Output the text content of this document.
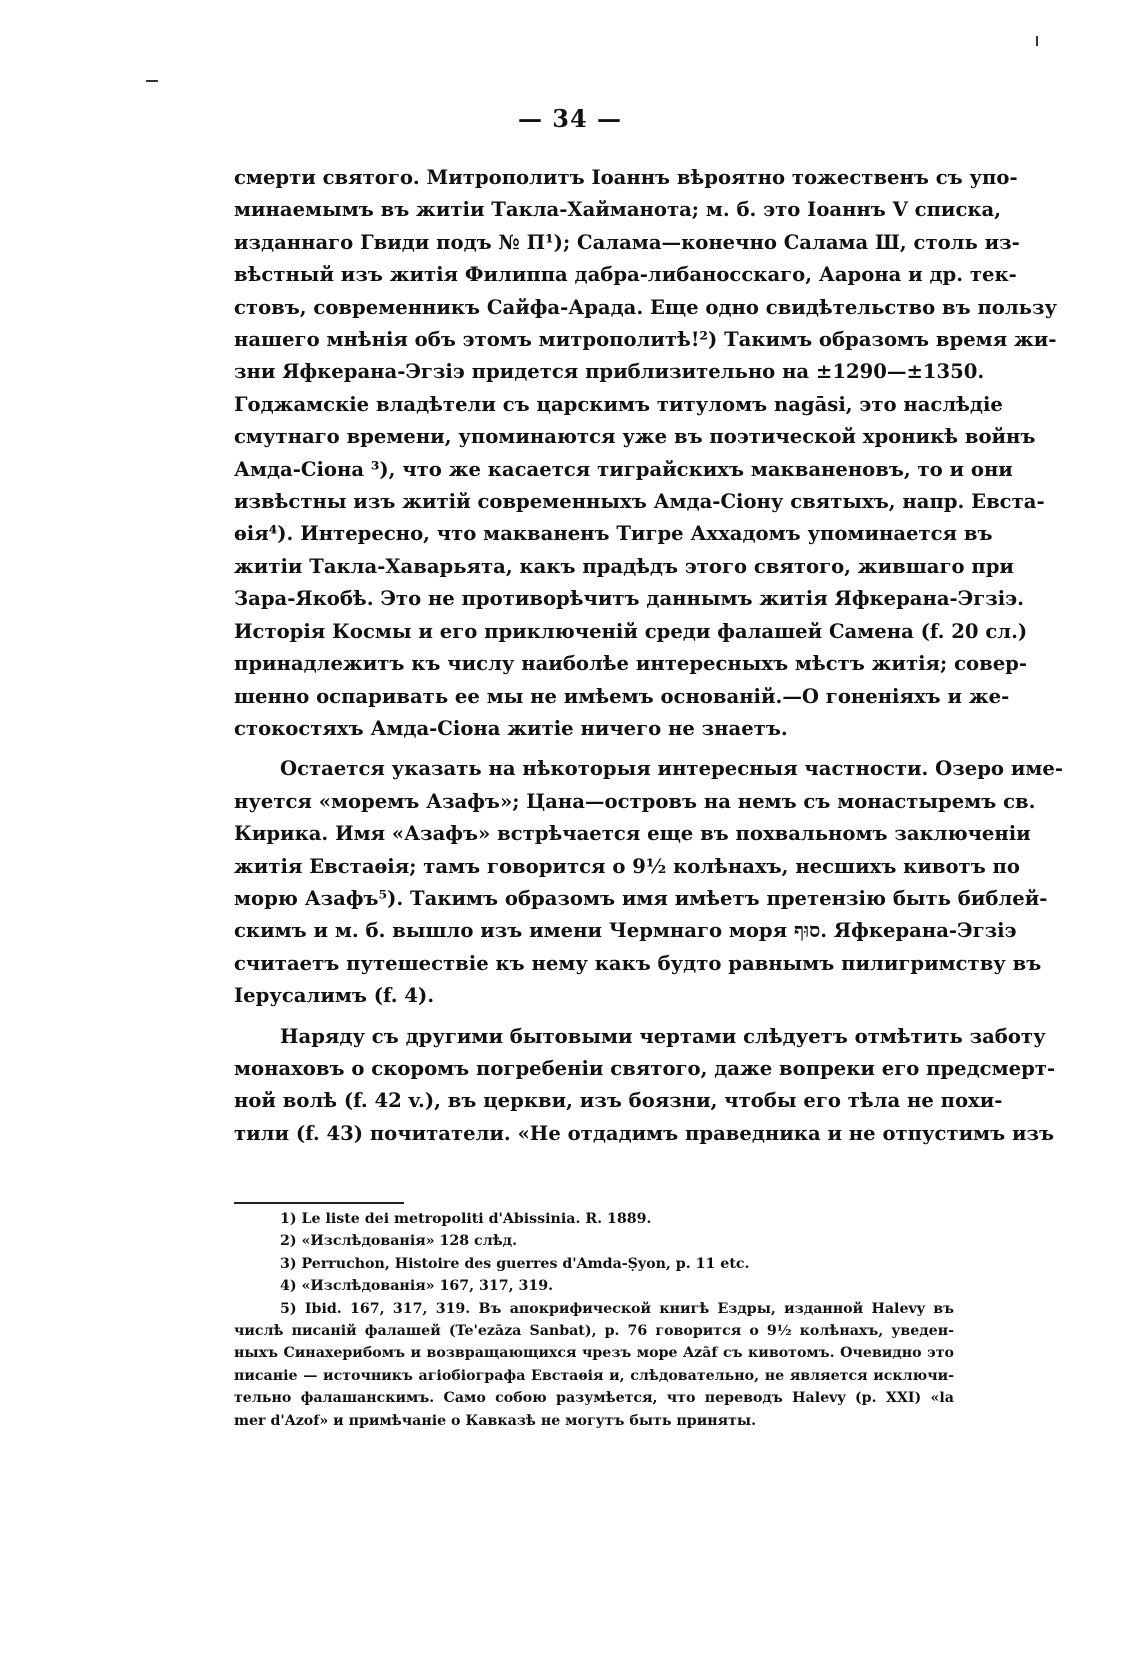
— 34 —
смерти святого. Митрополитъ Іоаннъ вѣроятно тожественъ съ упо-
минаемымъ въ житіи Такла-Хайманота; м. б. это Іоаннъ V списка,
изданнаго Гвиди подъ № П¹); Салама—конечно Салама Ш, столь из-
вѣстный изъ житія Филиппа дабра-либаносскаго, Аарона и др. тек-
стовъ, современникъ Сайфа-Арада. Еще одно свидѣтельство въ пользу
нашего мнѣнія объ этомъ митрополитѣ!²) Такимъ образомъ время жи-
зни Яфкерана-Эгзіэ придется приблизительно на ±1290—±1350.
Годжамскіе владѣтели съ царскимъ титуломъ nagāsi, это наслѣдіе
смутнаго времени, упоминаются уже въ поэтической хроникѣ войнъ
Амда-Сіона ³), что же касается тиграйскихъ макваненовъ, то и они
извѣстны изъ житій современныхъ Амда-Сіону святыхъ, напр. Евста-
ѳія⁴). Интересно, что макваненъ Тигре Аххадомъ упоминается въ
житіи Такла-Хаварьята, какъ прадѣдъ этого святого, жившаго при
Зара-Якобѣ. Это не противорѣчитъ даннымъ житія Яфкерана-Эгзіэ.
Исторія Космы и его приключеній среди фалашей Самена (f. 20 сл.)
принадлежитъ къ числу наиболѣе интересныхъ мѣстъ житія; совер-
шенно оспаривать ее мы не имѣемъ основаній.—О гоненіяхъ и же-
стокостяхъ Амда-Сіона житіе ничего не знаетъ.
Остается указать на нѣкоторыя интересныя частности. Озеро име-
нуется «моремъ Азафъ»; Цана—островъ на немъ съ монастыремъ св.
Кирика. Имя «Азафъ» встрѣчается еще въ похвальномъ заключеніи
житія Евстаѳія; тамъ говорится о 9½ колѣнахъ, несшихъ кивотъ по
морю Азафъ⁵). Такимъ образомъ имя имѣетъ претензію быть библей-
скимъ и м. б. вышло изъ имени Чермнаго моря סוּף. Яфкерана-Эгзіэ
считаетъ путешествіе къ нему какъ будто равнымъ пилигримству въ
Іерусалимъ (f. 4).
Наряду съ другими бытовыми чертами слѣдуетъ отмѣтить заботу
монаховъ о скоромъ погребеніи святого, даже вопреки его предсмерт-
ной волѣ (f. 42 v.), въ церкви, изъ боязни, чтобы его тѣла не похи-
тили (f. 43) почитатели. «Не отдадимъ праведника и не отпустимъ изъ
1) Le liste dei metropoliti d'Abissinia. R. 1889.
2) «Изслѣдованія» 128 слѣд.
3) Perruchon, Histoire des guerres d'Amda-Ṣyon, p. 11 etc.
4) «Изслѣдованія» 167, 317, 319.
5) Ibid. 167, 317, 319. Въ апокрифической книгѣ Ездры, изданной Halevy въ
числѣ писаній фалашей (Te'ezāza Sanbat), p. 76 говорится о 9½ колѣнахъ, уведен-
ныхъ Синахерибомъ и возвращающихся чрезъ море Azāf съ кивотомъ. Очевидно это
писаніе — источникъ агіобіографа Евстаѳія и, слѣдовательно, не является исключи-
тельно фалашанскимъ. Само собою разумѣется, что переводъ Halevy (p. XXI) «la
mer d'Azof» и примѣчаніе о Кавказѣ не могутъ быть приняты.
